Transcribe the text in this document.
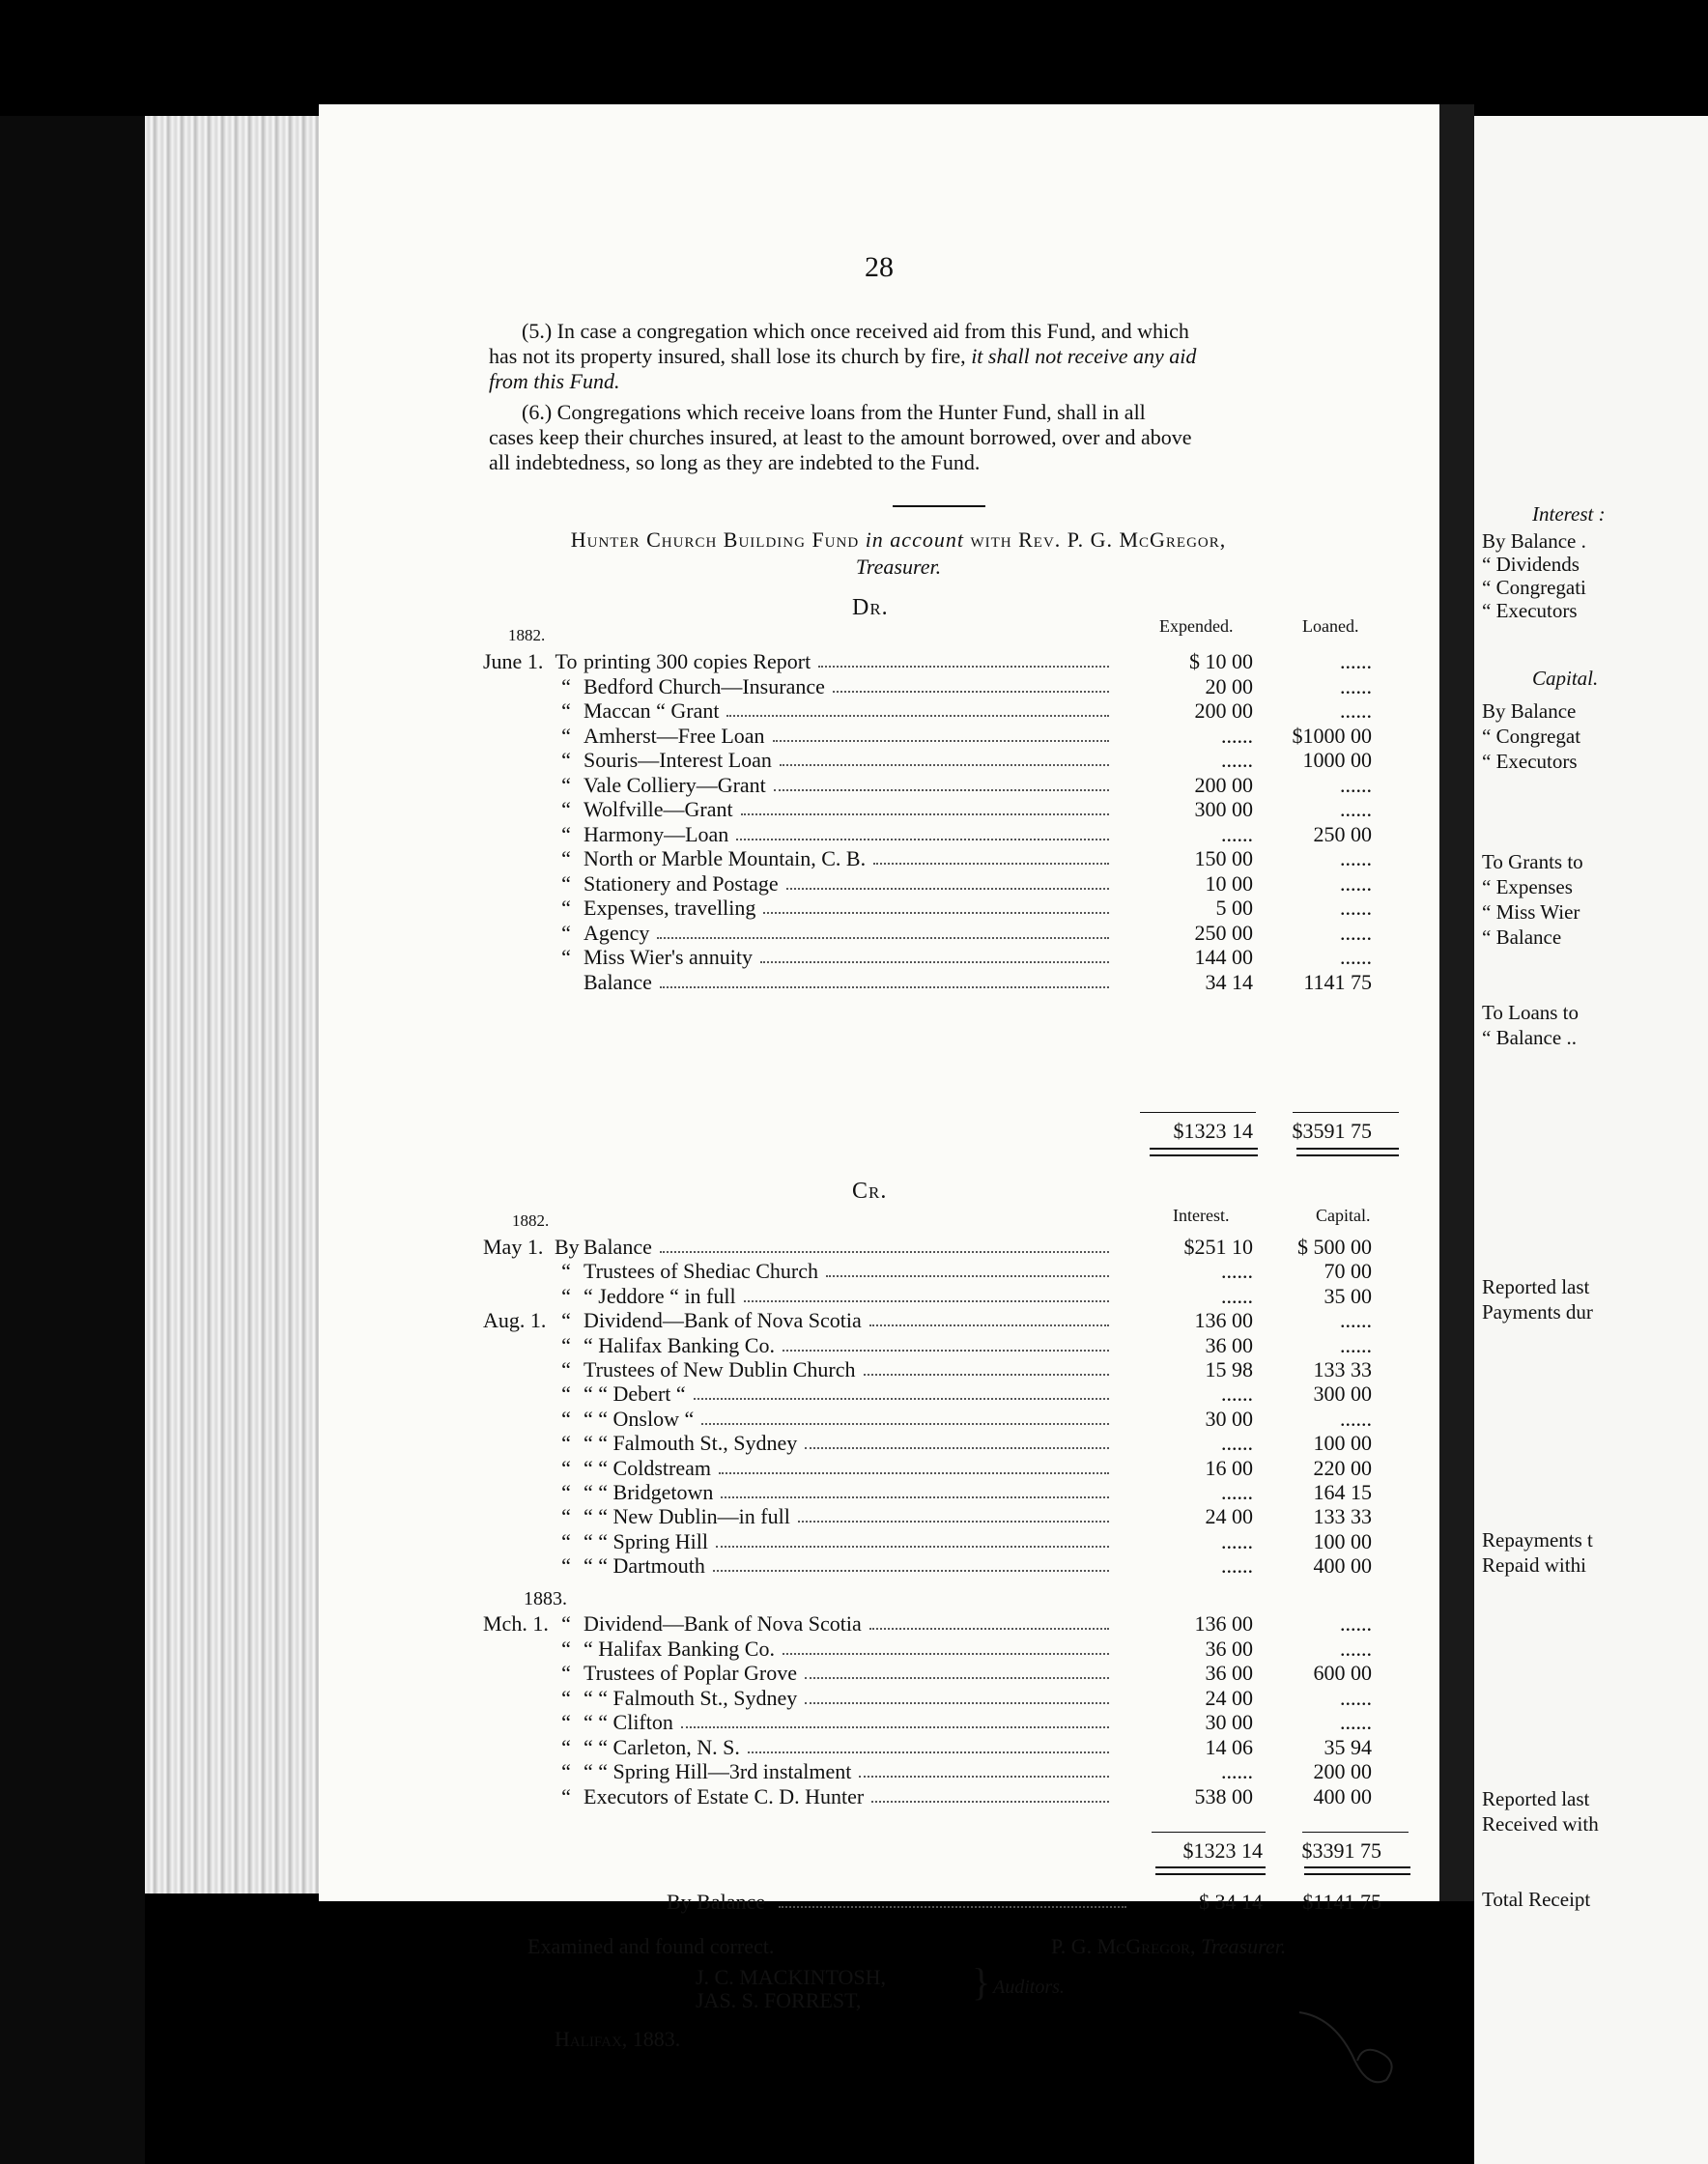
28
(5.) In case a congregation which once received aid from this Fund, and which
has not its property insured, shall lose its church by fire, it shall not receive any aid
from this Fund.
(6.) Congregations which receive loans from the Hunter Fund, shall in all
cases keep their churches insured, at least to the amount borrowed, over and above
all indebtedness, so long as they are indebted to the Fund.
Hunter Church Building Fund in account with Rev. P. G. McGregor,
Treasurer.
Dr.
1882.	Expended.	Loaned.
June 1. To printing 300 copies Report	$ 10 00	......
“ Bedford Church—Insurance	20 00	......
“ Maccan “ Grant	200 00	......
“ Amherst—Free Loan	......	$1000 00
“ Souris—Interest Loan	......	1000 00
“ Vale Colliery—Grant	200 00	......
“ Wolfville—Grant	300 00	......
“ Harmony—Loan	......	250 00
“ North or Marble Mountain, C. B.	150 00	......
“ Stationery and Postage	10 00	......
“ Expenses, travelling	5 00	......
“ Agency	250 00	......
“ Miss Wier's annuity	144 00	......
Balance	34 14	1141 75
$1323 14	$3591 75
Cr.
1882.	Interest.	Capital.
May 1. By Balance	$251 10	$ 500 00
“ Trustees of Shediac Church	......	70 00
“ “ Jeddore “ in full	......	35 00
Aug. 1. “ Dividend—Bank of Nova Scotia	136 00	......
“ “ Halifax Banking Co.	36 00	......
“ Trustees of New Dublin Church	15 98	133 33
“ “ “ Debert “	......	300 00
“ “ “ Onslow “	30 00	......
“ “ “ Falmouth St., Sydney	......	100 00
“ “ “ Coldstream	16 00	220 00
“ “ “ Bridgetown	......	164 15
“ “ “ New Dublin—in full	24 00	133 33
“ “ “ Spring Hill	......	100 00
“ “ “ Dartmouth	......	400 00
1883.
Mch. 1. “ Dividend—Bank of Nova Scotia	136 00	......
“ “ Halifax Banking Co.	36 00	......
“ Trustees of Poplar Grove	36 00	600 00
“ “ “ Falmouth St., Sydney	24 00	......
“ “ “ Clifton	30 00	......
“ “ “ Carleton, N. S.	14 06	35 94
“ “ “ Spring Hill—3rd instalment	......	200 00
“ Executors of Estate C. D. Hunter	538 00	400 00
$1323 14	$3391 75
By Balance	$ 34 14	$1141 75
Examined and found correct.	P. G. McGregor, Treasurer.
J. C. MACKINTOSH,
JAS. S. FORREST,	} Auditors.
Halifax, 1883.
Interest :
By Balance .
“ Dividends
“ Congregati
“ Executors
Capital.
By Balance
“ Congregat
“ Executors
To Grants to
“ Expenses
“ Miss Wier
“ Balance
To Loans to
“ Balance ..
Reported last
Payments dur
Repayments t
Repaid withi
Reported last
Received with
Total Receipt
